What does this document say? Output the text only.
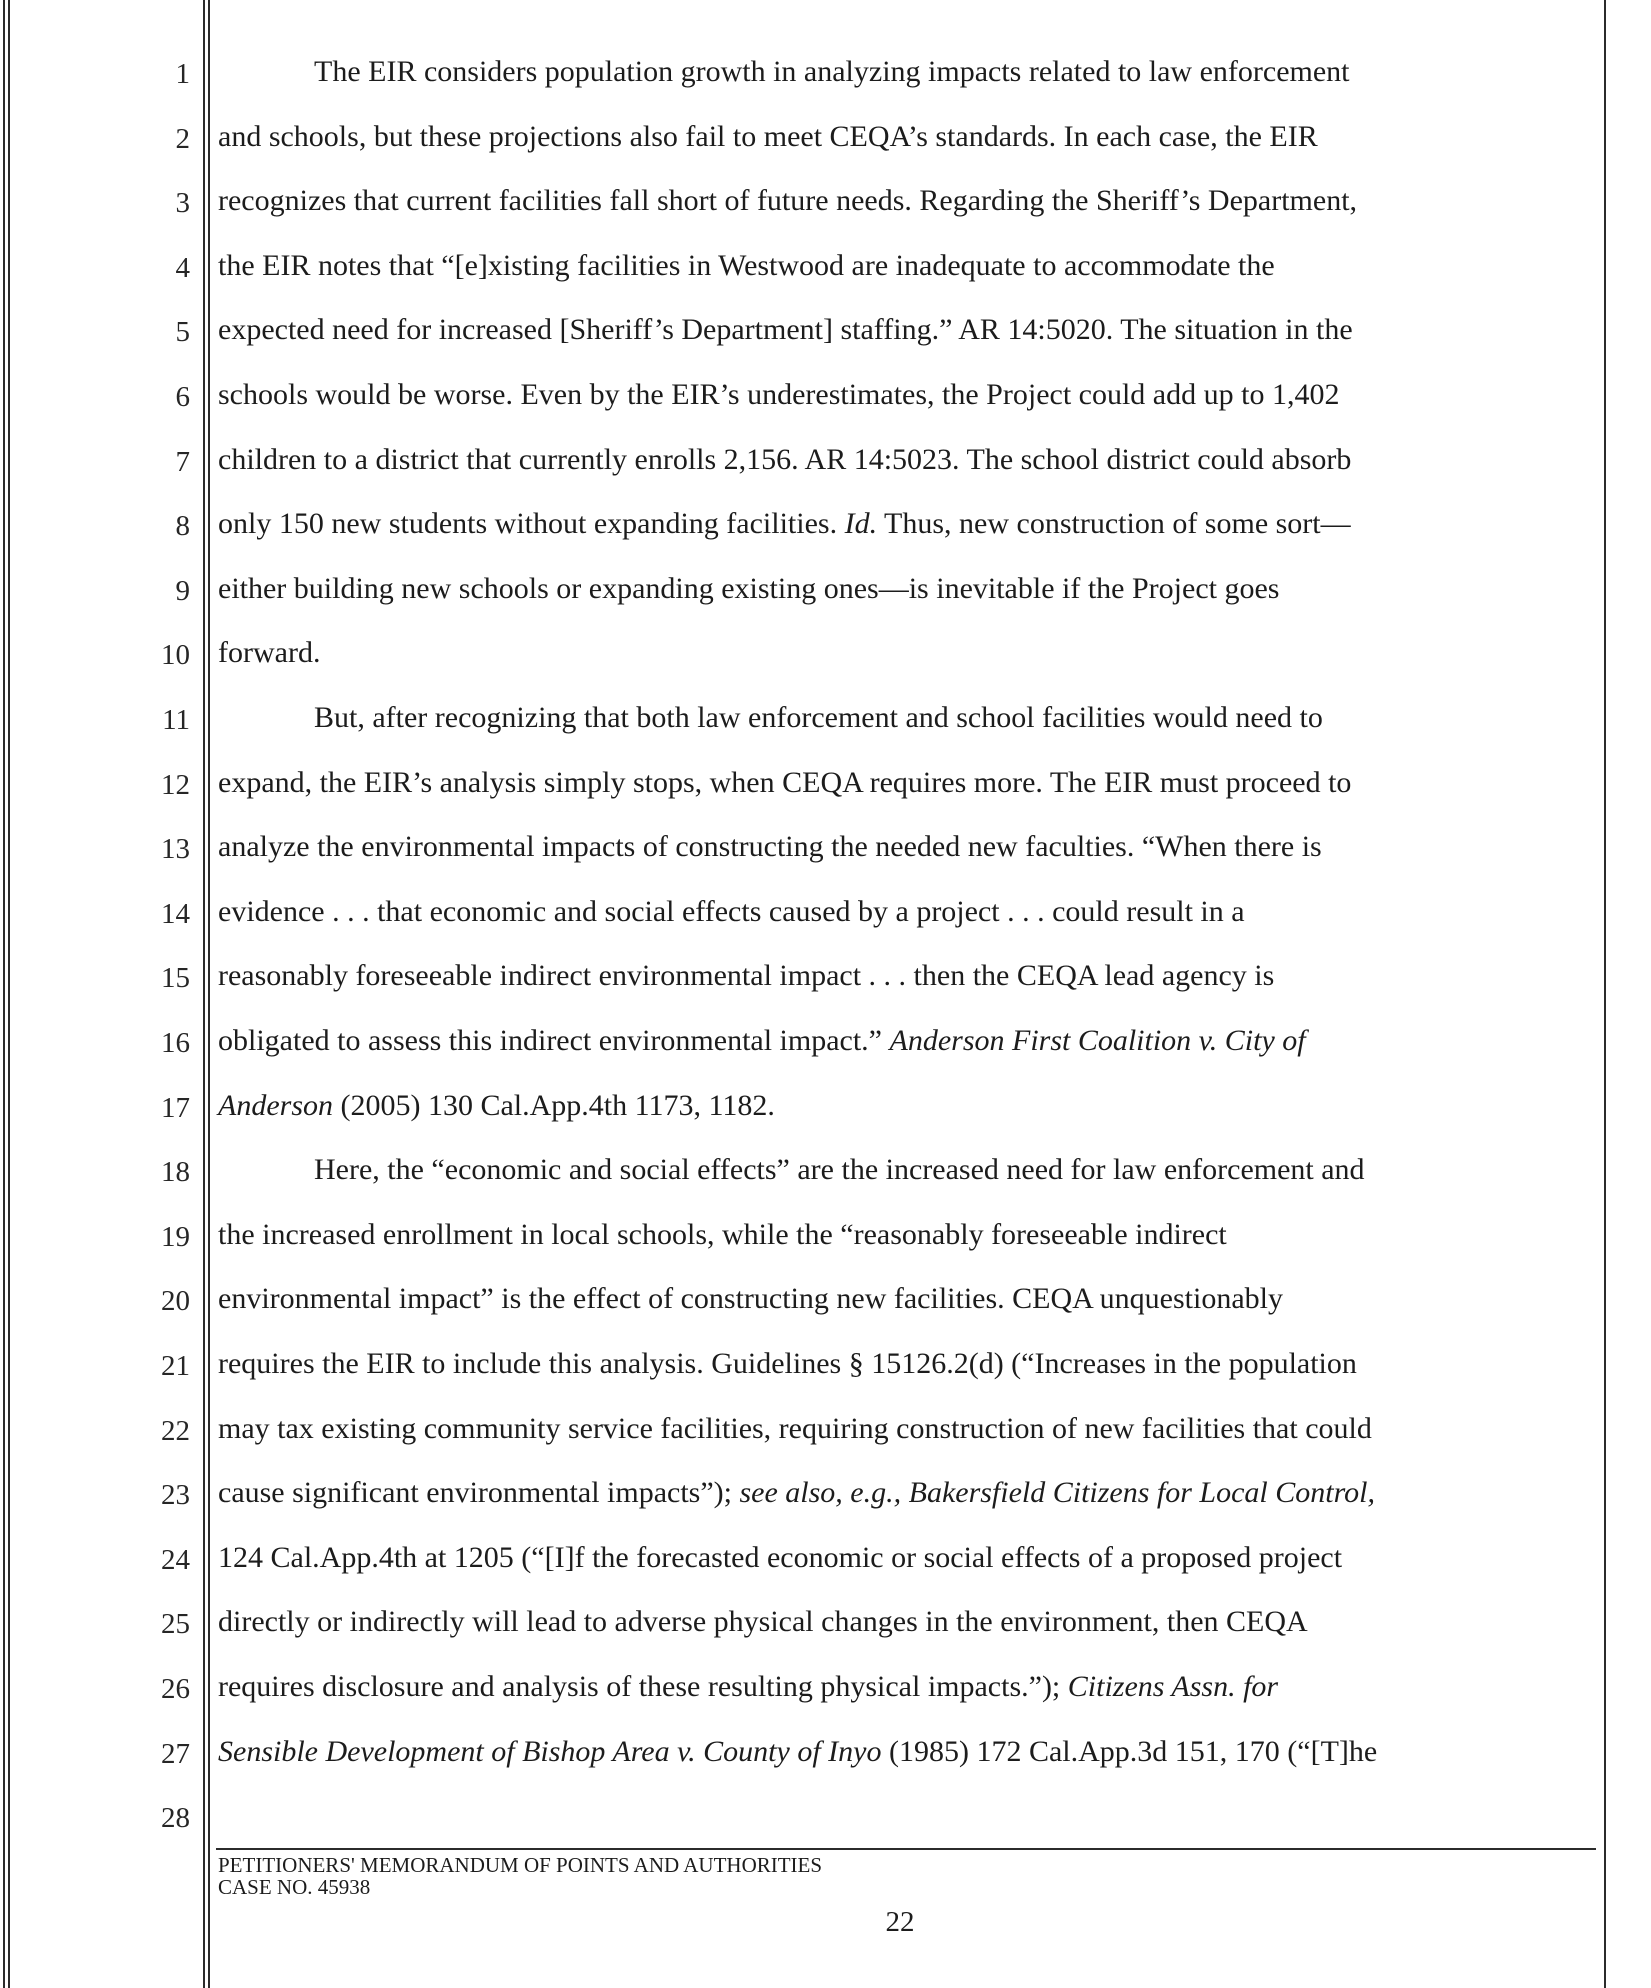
1
2
3
4
5
6
7
8
9
10
11
12
13
14
15
16
17
18
19
20
21
22
23
24
25
26
27
28
The EIR considers population growth in analyzing impacts related to law enforcement
and schools, but these projections also fail to meet CEQA’s standards. In each case, the EIR
recognizes that current facilities fall short of future needs. Regarding the Sheriff’s Department,
the EIR notes that “[e]xisting facilities in Westwood are inadequate to accommodate the
expected need for increased [Sheriff’s Department] staffing.” AR 14:5020. The situation in the
schools would be worse. Even by the EIR’s underestimates, the Project could add up to 1,402
children to a district that currently enrolls 2,156. AR 14:5023. The school district could absorb
only 150 new students without expanding facilities. Id. Thus, new construction of some sort—
either building new schools or expanding existing ones—is inevitable if the Project goes
forward.
But, after recognizing that both law enforcement and school facilities would need to
expand, the EIR’s analysis simply stops, when CEQA requires more. The EIR must proceed to
analyze the environmental impacts of constructing the needed new faculties. “When there is
evidence . . . that economic and social effects caused by a project . . . could result in a
reasonably foreseeable indirect environmental impact . . . then the CEQA lead agency is
obligated to assess this indirect environmental impact.” Anderson First Coalition v. City of
Anderson (2005) 130 Cal.App.4th 1173, 1182.
Here, the “economic and social effects” are the increased need for law enforcement and
the increased enrollment in local schools, while the “reasonably foreseeable indirect
environmental impact” is the effect of constructing new facilities. CEQA unquestionably
requires the EIR to include this analysis. Guidelines § 15126.2(d) (“Increases in the population
may tax existing community service facilities, requiring construction of new facilities that could
cause significant environmental impacts”); see also, e.g., Bakersfield Citizens for Local Control,
124 Cal.App.4th at 1205 (“[I]f the forecasted economic or social effects of a proposed project
directly or indirectly will lead to adverse physical changes in the environment, then CEQA
requires disclosure and analysis of these resulting physical impacts.”); Citizens Assn. for
Sensible Development of Bishop Area v. County of Inyo (1985) 172 Cal.App.3d 151, 170 (“[T]he
PETITIONERS' MEMORANDUM OF POINTS AND AUTHORITIES
CASE NO. 45938
22
